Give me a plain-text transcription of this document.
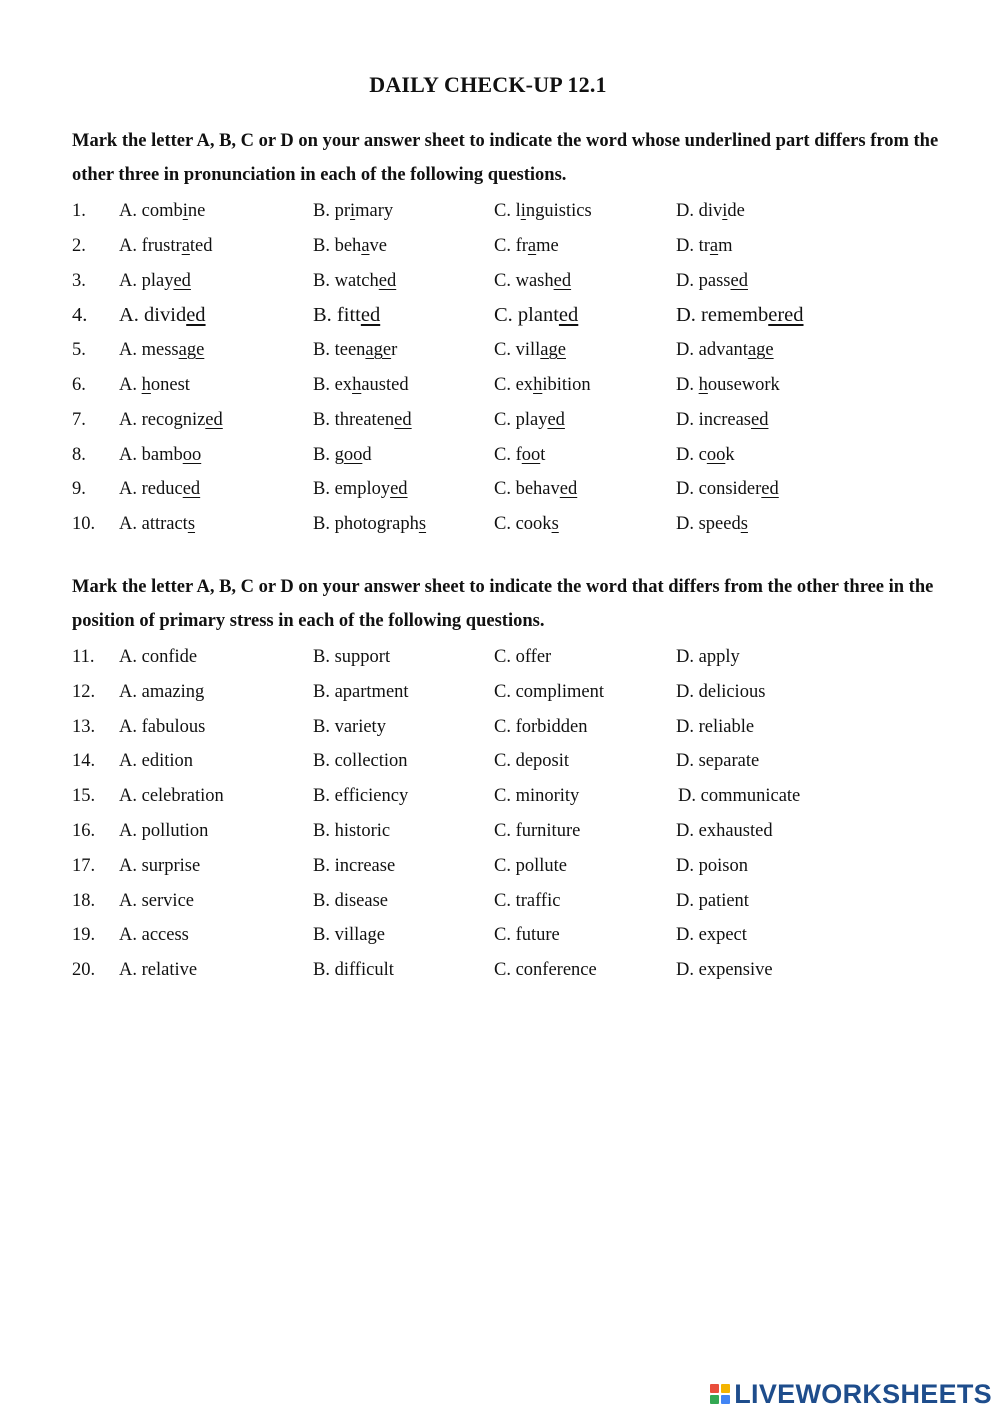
DAILY CHECK-UP 12.1
Mark the letter A, B, C or D on your answer sheet to indicate the word whose underlined part differs from the other three in pronunciation in each of the following questions.
1. A. combine	B. primary	C. linguistics	D. divide
2. A. frustrated	B. behave	C. frame	D. tram
3. A. played	B. watched	C. washed	D. passed
4. A. divided	B. fitted	C. planted	D. remembered
5. A. message	B. teenager	C. village	D. advantage
6. A. honest	B. exhausted	C. exhibition	D. housework
7. A. recognized	B. threatened	C. played	D. increased
8. A. bamboo	B. good	C. foot	D. cook
9. A. reduced	B. employed	C. behaved	D. considered
10. A. attracts	B. photographs	C. cooks	D. speeds
Mark the letter A, B, C or D on your answer sheet to indicate the word that differs from the other three in the position of primary stress in each of the following questions.
11. A. confide	B. support	C. offer	D. apply
12. A. amazing	B. apartment	C. compliment	D. delicious
13. A. fabulous	B. variety	C. forbidden	D. reliable
14. A. edition	B. collection	C. deposit	D. separate
15. A. celebration	B. efficiency	C. minority	D. communicate
16. A. pollution	B. historic	C. furniture	D. exhausted
17. A. surprise	B. increase	C. pollute	D. poison
18. A. service	B. disease	C. traffic	D. patient
19. A. access	B. village	C. future	D. expect
20. A. relative	B. difficult	C. conference	D. expensive
LIVEWORKSHEETS
